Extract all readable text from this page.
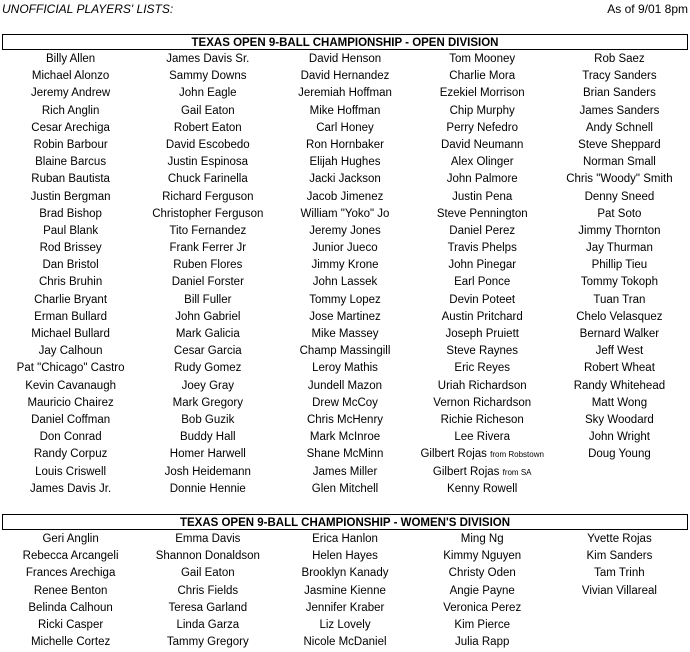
UNOFFICIAL PLAYERS' LISTS:	As of 9/01 8pm
TEXAS OPEN 9-BALL CHAMPIONSHIP - OPEN DIVISION
Billy Allen
Michael Alonzo
Jeremy Andrew
Rich Anglin
Cesar Arechiga
Robin Barbour
Blaine Barcus
Ruban Bautista
Justin Bergman
Brad Bishop
Paul Blank
Rod Brissey
Dan Bristol
Chris Bruhin
Charlie Bryant
Erman Bullard
Michael Bullard
Jay Calhoun
Pat "Chicago" Castro
Kevin Cavanaugh
Mauricio Chairez
Daniel Coffman
Don Conrad
Randy Corpuz
Louis Criswell
James Davis Jr.
James Davis Sr.
Sammy Downs
John Eagle
Gail Eaton
Robert Eaton
David Escobedo
Justin Espinosa
Chuck Farinella
Richard Ferguson
Christopher Ferguson
Tito Fernandez
Frank Ferrer Jr
Ruben Flores
Daniel Forster
Bill Fuller
John Gabriel
Mark Galicia
Cesar Garcia
Rudy Gomez
Joey Gray
Mark Gregory
Bob Guzik
Buddy Hall
Homer Harwell
Josh Heidemann
Donnie Hennie
David Henson
David Hernandez
Jeremiah Hoffman
Mike Hoffman
Carl Honey
Ron Hornbaker
Elijah Hughes
Jacki Jackson
Jacob Jimenez
William "Yoko" Jo
Jeremy Jones
Junior Jueco
Jimmy Krone
John Lassek
Tommy Lopez
Jose Martinez
Mike Massey
Champ Massingill
Leroy Mathis
Jundell Mazon
Drew McCoy
Chris McHenry
Mark McInroe
Shane McMinn
James Miller
Glen Mitchell
Tom Mooney
Charlie Mora
Ezekiel Morrison
Chip Murphy
Perry Nefedro
David Neumann
Alex Olinger
John Palmore
Justin Pena
Steve Pennington
Daniel Perez
Travis Phelps
John Pinegar
Earl Ponce
Devin Poteet
Austin Pritchard
Joseph Pruiett
Steve Raynes
Eric Reyes
Uriah Richardson
Vernon Richardson
Richie Richeson
Lee Rivera
Gilbert Rojas from Robstown
Gilbert Rojas from SA
Kenny Rowell
Rob Saez
Tracy Sanders
Brian Sanders
James Sanders
Andy Schnell
Steve Sheppard
Norman Small
Chris "Woody" Smith
Denny Sneed
Pat Soto
Jimmy Thornton
Jay Thurman
Phillip Tieu
Tommy Tokoph
Tuan Tran
Chelo Velasquez
Bernard Walker
Jeff West
Robert Wheat
Randy Whitehead
Matt Wong
Sky Woodard
John Wright
Doug Young
TEXAS OPEN 9-BALL CHAMPIONSHIP - WOMEN'S DIVISION
Geri Anglin
Rebecca Arcangeli
Frances Arechiga
Renee Benton
Belinda Calhoun
Ricki Casper
Michelle Cortez
Emma Davis
Shannon Donaldson
Gail Eaton
Chris Fields
Teresa Garland
Linda Garza
Tammy Gregory
Erica Hanlon
Helen Hayes
Brooklyn Kanady
Jasmine Kienne
Jennifer Kraber
Liz Lovely
Nicole McDaniel
Ming Ng
Kimmy Nguyen
Christy Oden
Angie Payne
Veronica Perez
Kim Pierce
Julia Rapp
Yvette Rojas
Kim Sanders
Tam Trinh
Vivian Villareal
